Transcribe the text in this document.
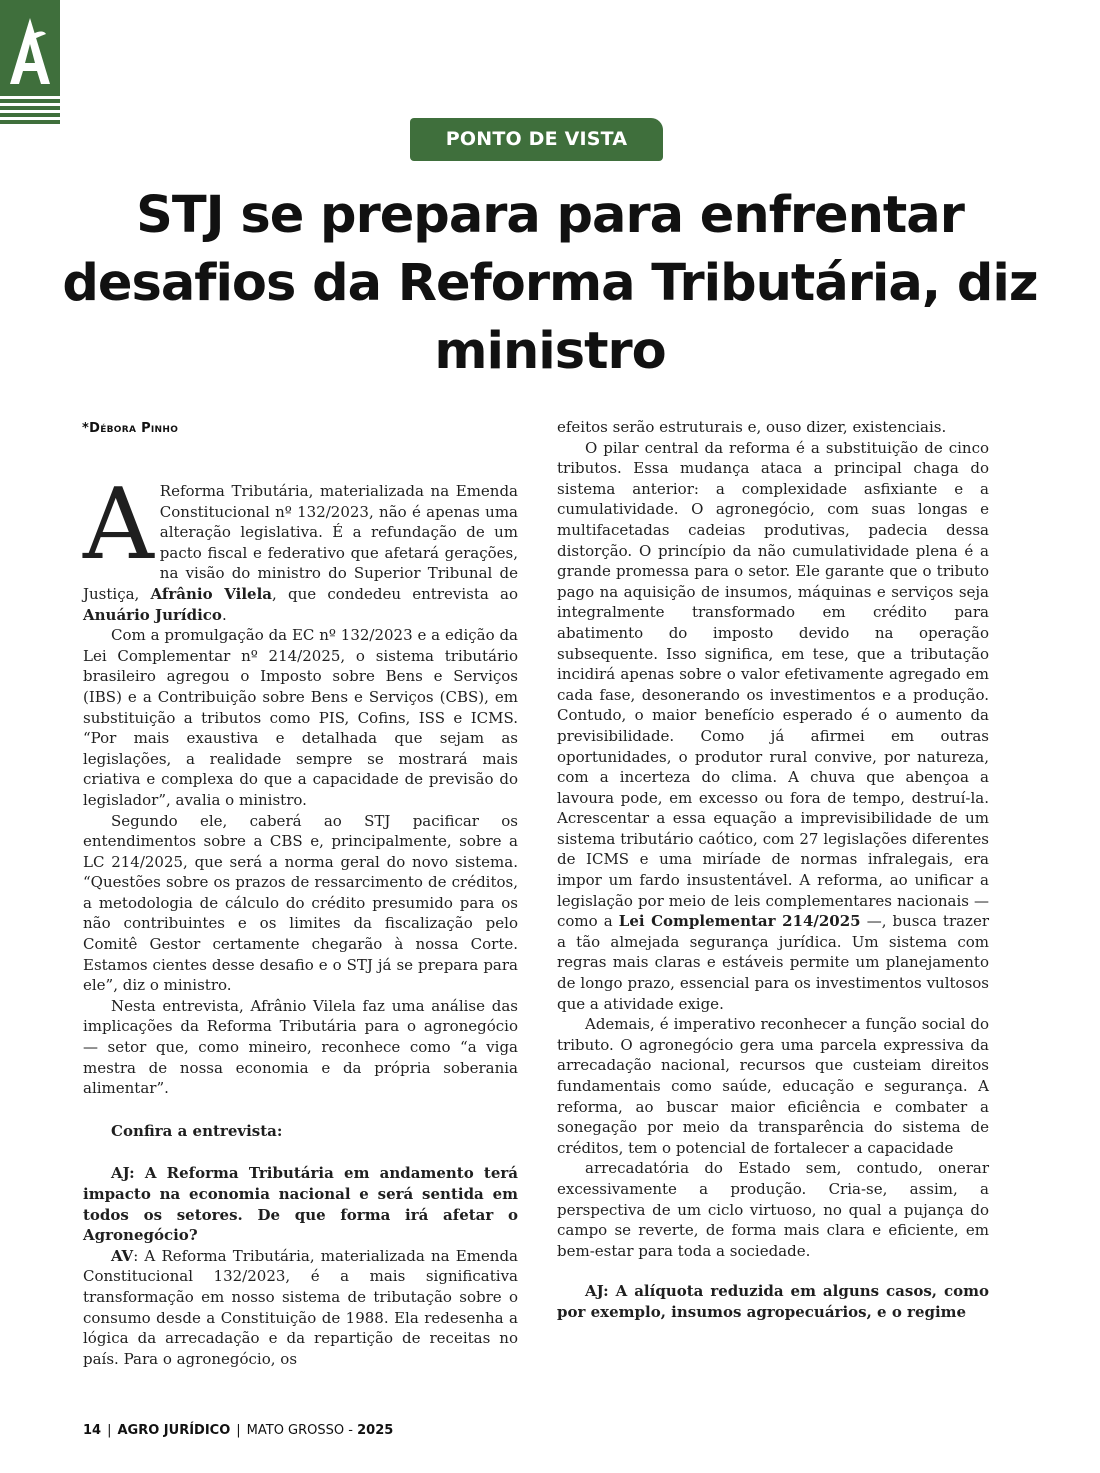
PONTO DE VISTA
STJ se prepara para enfrentar desafios da Reforma Tributária, diz ministro
*Débora Pinho

A Reforma Tributária, materializada na Emenda Constitucional nº 132/2023, não é apenas uma alteração legislativa. É a refundação de um pacto fiscal e federativo que afetará gerações, na visão do ministro do Superior Tribunal de Justiça, Afrânio Vilela, que condedeu entrevista ao Anuário Jurídico.

Com a promulgação da EC nº 132/2023 e a edição da Lei Complementar nº 214/2025, o sistema tributário brasileiro agregou o Imposto sobre Bens e Serviços (IBS) e a Contribuição sobre Bens e Serviços (CBS), em substituição a tributos como PIS, Cofins, ISS e ICMS. “Por mais exaustiva e detalhada que sejam as legislações, a realidade sempre se mostrará mais criativa e complexa do que a capacidade de previsão do legislador”, avalia o ministro.

Segundo ele, caberá ao STJ pacificar os entendimentos sobre a CBS e, principalmente, sobre a LC 214/2025, que será a norma geral do novo sistema. “Questões sobre os prazos de ressarcimento de créditos, a metodologia de cálculo do crédito presumido para os não contribuintes e os limites da fiscalização pelo Comitê Gestor certamente chegarão à nossa Corte. Estamos cientes desse desafio e o STJ já se prepara para ele”, diz o ministro.

Nesta entrevista, Afrânio Vilela faz uma análise das implicações da Reforma Tributária para o agronegócio — setor que, como mineiro, reconhece como “a viga mestra de nossa economia e da própria soberania alimentar”.

Confira a entrevista:

AJ: A Reforma Tributária em andamento terá impacto na economia nacional e será sentida em todos os setores. De que forma irá afetar o Agronegócio?

AV: A Reforma Tributária, materializada na Emenda Constitucional 132/2023, é a mais significativa transformação em nosso sistema de tributação sobre o consumo desde a Constituição de 1988. Ela redesenha a lógica da arrecadação e da repartição de receitas no país. Para o agronegócio, os

efeitos serão estruturais e, ouso dizer, existenciais.

O pilar central da reforma é a substituição de cinco tributos. Essa mudança ataca a principal chaga do sistema anterior: a complexidade asfixiante e a cumulatividade. O agronegócio, com suas longas e multifacetadas cadeias produtivas, padecia dessa distorção. O princípio da não cumulatividade plena é a grande promessa para o setor. Ele garante que o tributo pago na aquisição de insumos, máquinas e serviços seja integralmente transformado em crédito para abatimento do imposto devido na operação subsequente. Isso significa, em tese, que a tributação incidirá apenas sobre o valor efetivamente agregado em cada fase, desonerando os investimentos e a produção. Contudo, o maior benefício esperado é o aumento da previsibilidade. Como já afirmei em outras oportunidades, o produtor rural convive, por natureza, com a incerteza do clima. A chuva que abençoa a lavoura pode, em excesso ou fora de tempo, destruí-la. Acrescentar a essa equação a imprevisibilidade de um sistema tributário caótico, com 27 legislações diferentes de ICMS e uma miríade de normas infralegais, era impor um fardo insustentável. A reforma, ao unificar a legislação por meio de leis complementares nacionais — como a Lei Complementar 214/2025 —, busca trazer a tão almejada segurança jurídica. Um sistema com regras mais claras e estáveis permite um planejamento de longo prazo, essencial para os investimentos vultosos que a atividade exige.

Ademais, é imperativo reconhecer a função social do tributo. O agronegócio gera uma parcela expressiva da arrecadação nacional, recursos que custeiam direitos fundamentais como saúde, educação e segurança. A reforma, ao buscar maior eficiência e combater a sonegação por meio da transparência do sistema de créditos, tem o potencial de fortalecer a capacidade

arrecadatória do Estado sem, contudo, onerar excessivamente a produção. Cria-se, assim, a perspectiva de um ciclo virtuoso, no qual a pujança do campo se reverte, de forma mais clara e eficiente, em bem-estar para toda a sociedade.

AJ: A alíquota reduzida em alguns casos, como por exemplo, insumos agropecuários, e o regime

14 | AGRO JURÍDICO | MATO GROSSO - 2025
